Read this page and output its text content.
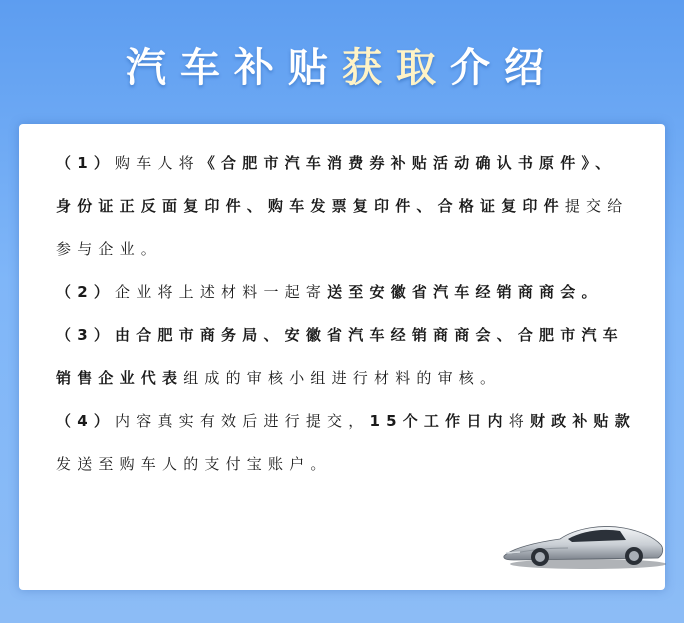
汽车补贴获取介绍

（1）购车人将《合肥市汽车消费券补贴活动确认书原件》、身份证正反面复印件、购车发票复印件、合格证复印件提交给参与企业。

（2）企业将上述材料一起寄送至安徽省汽车经销商商会。

（3）由合肥市商务局、安徽省汽车经销商商会、合肥市汽车销售企业代表组成的审核小组进行材料的审核。

（4）内容真实有效后进行提交，15个工作日内将财政补贴款发送至购车人的支付宝账户。
